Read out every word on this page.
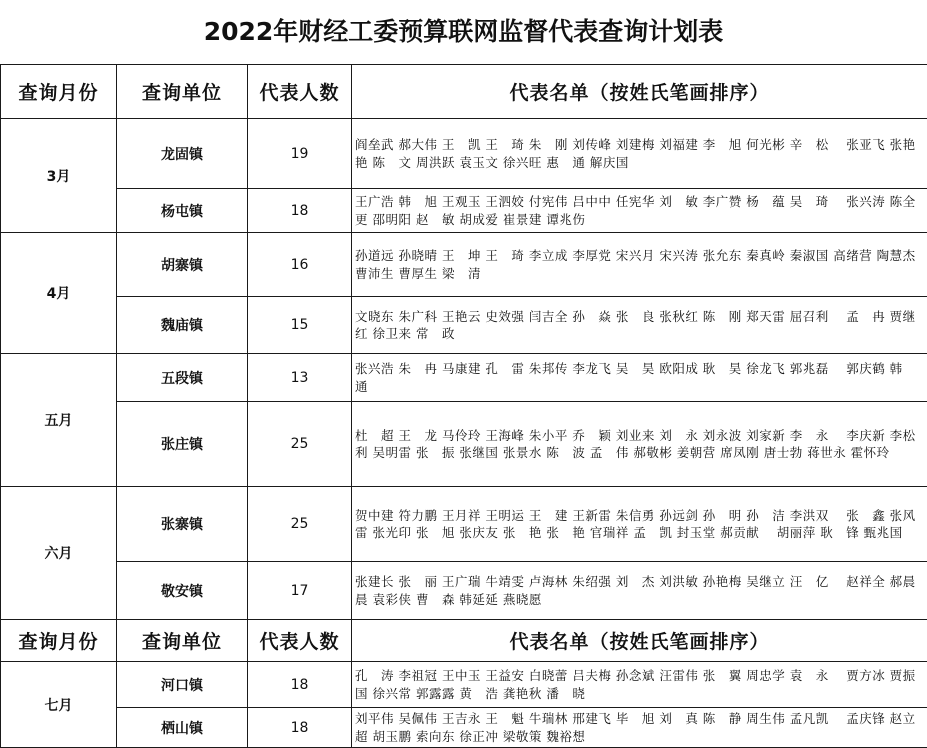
2022年财经工委预算联网监督代表查询计划表
查询月份	查询单位	代表人数	代表名单（按姓氏笔画排序）
3月	龙固镇	19	阎垒武 郝大伟 王　凯 王　琦 朱　刚 刘传峰 刘建梅 刘福建 李　旭 何光彬 辛　松　 张亚飞 张艳艳 陈　文 周洪跃 袁玉文 徐兴旺 惠　通 解庆国
	杨屯镇	18	王广浩 韩　旭 王观玉 王泗姣 付宪伟 吕中中 任宪华 刘　敏 李广赞 杨　蕴 吴　琦　 张兴涛 陈全更 邵明阳 赵　敏 胡成爱 崔景建 谭兆伤
4月	胡寨镇	16	孙道远 孙晓晴 王　坤 王　琦 李立成 李厚党 宋兴月 宋兴涛 张允东 秦真岭 秦淑国 高绪营 陶慧杰 曹沛生 曹厚生 梁　清
	魏庙镇	15	文晓东 朱广科 王艳云 史效强 闫吉全 孙　焱 张　良 张秋红 陈　刚 郑天雷 屈召利　 孟　冉 贾继红 徐卫来 常　政
五月	五段镇	13	张兴浩 朱　冉 马康建 孔　雷 朱邦传 李龙飞 吴　昊 欧阳成 耿　昊 徐龙飞 郭兆磊　 郭庆鹤 韩　通
	张庄镇	25	杜　超 王　龙 马伶玲 王海峰 朱小平 乔　颖 刘业来 刘　永 刘永波 刘家新 李　永　 李庆新 李松利 吴明雷 张　振 张继国 张景水 陈　波 孟　伟 郝敬彬 姜朝营 席凤刚 唐士勃 蒋世永 霍怀玲
六月	张寨镇	25	贺中建 符力鹏 王月祥 王明运 王　建 王新雷 朱信勇 孙远剑 孙　明 孙　洁 李洪双　 张　鑫 张风雷 张光印 张　旭 张庆友 张　艳 张　艳 官瑞祥 孟　凯 封玉堂 郝贡献　 胡丽萍 耿　锋 甄兆国
	敬安镇	17	张建长 张　丽 王广瑞 牛靖雯 卢海林 朱绍强 刘　杰 刘洪敏 孙艳梅 吴继立 汪　亿　 赵祥全 郝晨晨 袁彩侠 曹　森 韩延延 燕晓愿
查询月份	查询单位	代表人数	代表名单（按姓氏笔画排序）
七月	河口镇	18	孔　涛 李祖冠 王中玉 王益安 白晓蕾 吕夫梅 孙念斌 汪雷伟 张　翼 周忠学 袁　永　 贾方冰 贾振国 徐兴常 郭露露 黄　浩 龚艳秋 潘　晓
	栖山镇	18	刘平伟 吴佩伟 王吉永 王　魁 牛瑞林 邢建飞 毕　旭 刘　真 陈　静 周生伟 孟凡凯　 孟庆锋 赵立超 胡玉鹏 索向东 徐正冲 梁敬策 魏裕想
